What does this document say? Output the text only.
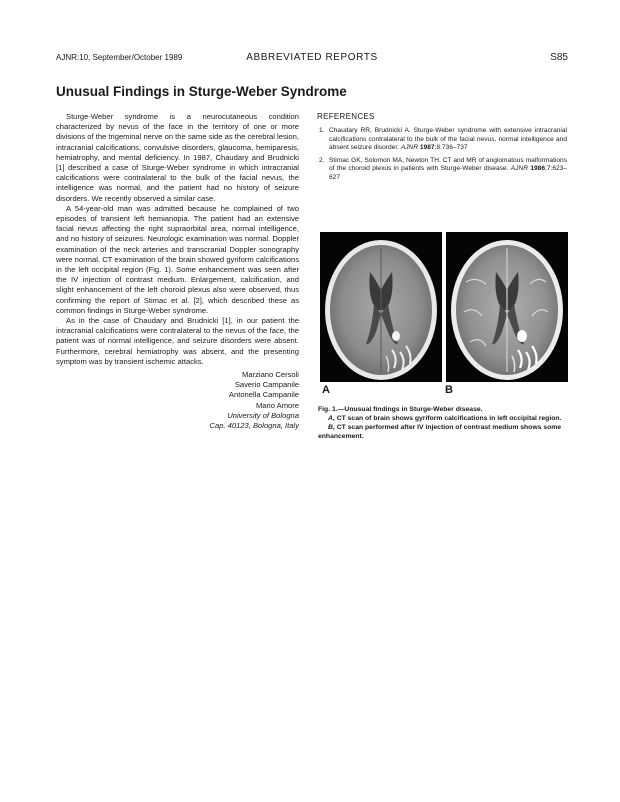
AJNR:10, September/October 1989	ABBREVIATED REPORTS	S85
Unusual Findings in Sturge-Weber Syndrome

Sturge-Weber syndrome is a neurocutaneous condition characterized by nevus of the face in the territory of one or more divisions of the trigeminal nerve on the same side as the cerebral lesion, intracranial calcifications, convulsive disorders, glaucoma, hemiparesis, hemiatrophy, and mental deficiency. In 1987, Chaudary and Brudnicki [1] described a case of Sturge-Weber syndrome in which intracranial calcifications were contralateral to the bulk of the facial nevus, the intelligence was normal, and the patient had no history of seizure disorders. We recently observed a similar case.

A 54-year-old man was admitted because he complained of two episodes of transient left hemianopia. The patient had an extensive facial nevus affecting the right supraorbital area, normal intelligence, and no history of seizures. Neurologic examination was normal. Doppler examination of the neck arteries and transcranial Doppler sonography were normal. CT examination of the brain showed gyriform calcifications in the left occipital region (Fig. 1). Some enhancement was seen after the IV injection of contrast medium. Enlargement, calcification, and slight enhancement of the left choroid plexus also were observed, thus confirming the report of Stimac et al. [2], which described these as common findings in Sturge-Weber syndrome.

As in the case of Chaudary and Brudnicki [1], in our patient the intracranial calcifications were contralateral to the nevus of the face, the patient was of normal intelligence, and seizure disorders were absent. Furthermore, cerebral hemiatrophy was absent, and the presenting symptom was by transient ischemic attacks.

Marziano Cersoli
Saverio Campanile
Antonella Campanile
Mario Amore
University of Bologna
Cap. 40123, Bologna, Italy
REFERENCES
1. Chaudary RR, Brudnicki A. Sturge-Weber syndrome with extensive intracranial calcifications contralateral to the bulk of the facial nevus, normal intelligence and absent seizure disorder. AJNR 1987;8:736–737
2. Stimac GK, Solomon MA, Newton TH. CT and MR of angiomatous malformations of the choroid plexus in patients with Sturge-Weber disease. AJNR 1986;7:623–627
A	B

Fig. 1.—Unusual findings in Sturge-Weber disease.

A, CT scan of brain shows gyriform calcifications in left occipital region.

B, CT scan performed after IV injection of contrast medium shows some enhancement.
